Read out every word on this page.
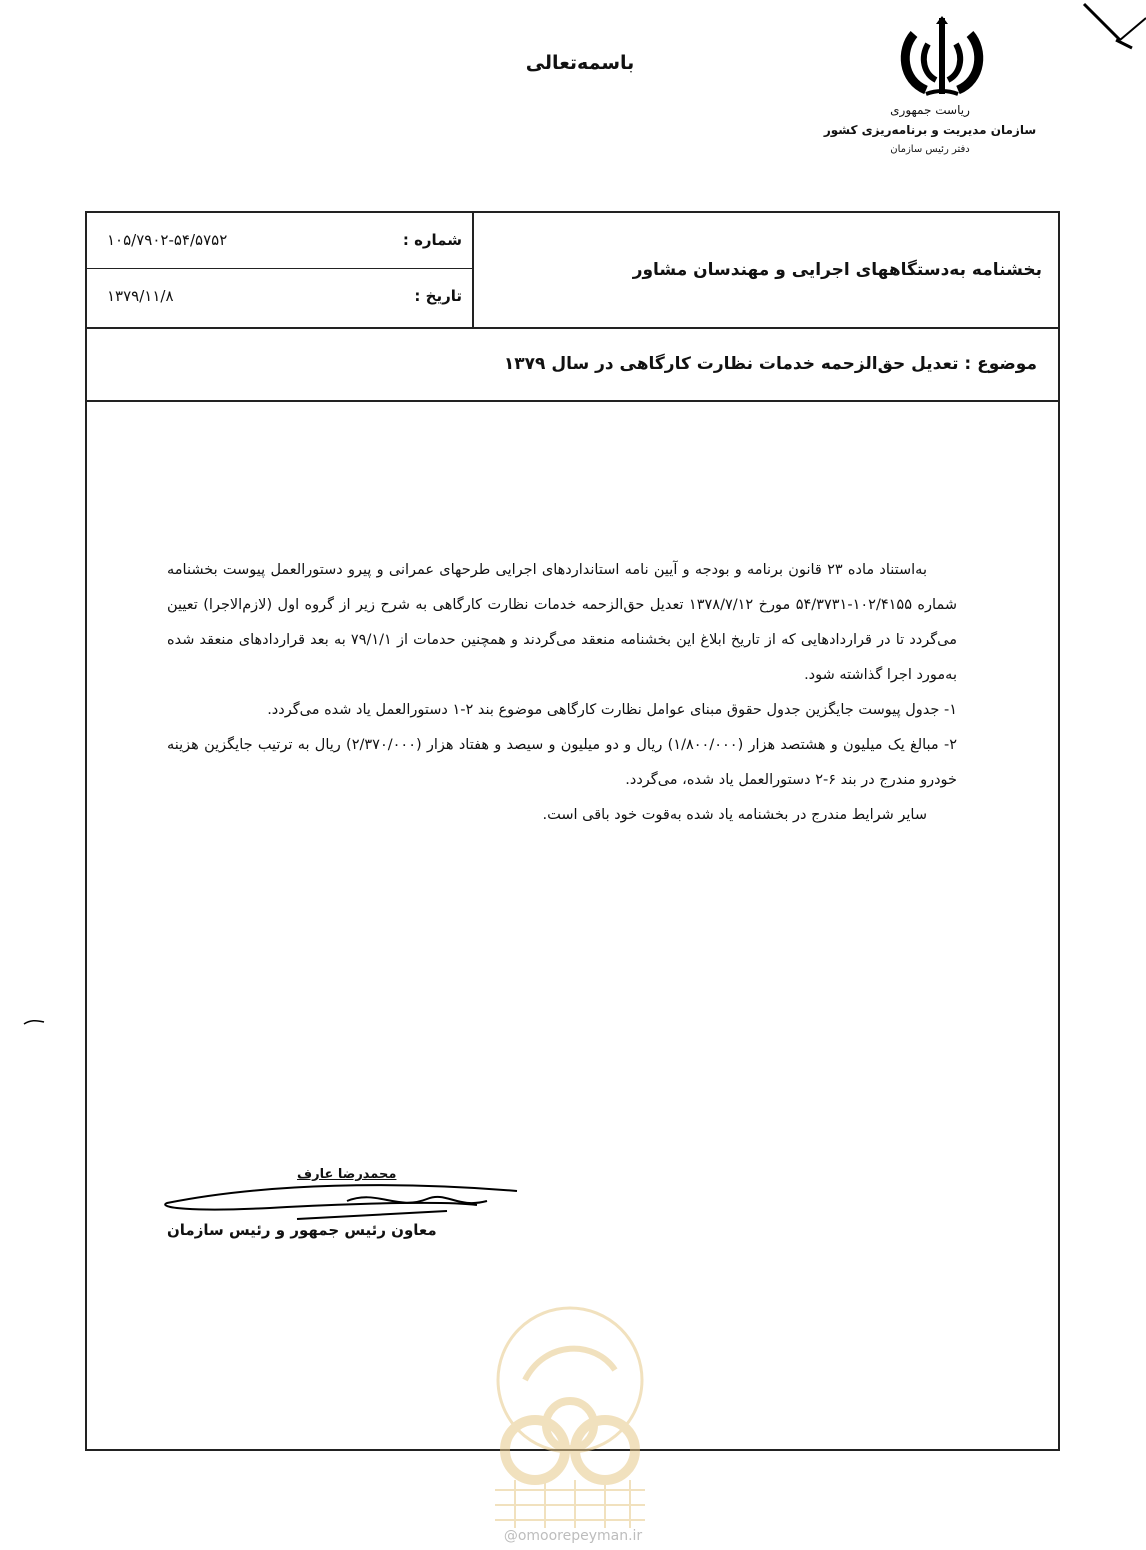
باسمه‌تعالی
ریاست جمهوری
سازمان مدیریت و برنامه‌ریزی کشور
دفتر رئیس سازمان
بخشنامه به‌دستگاههای اجرایی و مهندسان مشاور
شماره :
۱۰۵/۷۹۰۲-۵۴/۵۷۵۲
تاریخ :
۱۳۷۹/۱۱/۸
موضوع : تعدیل حق‌الزحمه خدمات نظارت کارگاهی در سال ۱۳۷۹

به‌استناد ماده ۲۳ قانون برنامه و بودجه و آیین نامه استانداردهای اجرایی طرحهای عمرانی و پیرو دستورالعمل پیوست بخشنامه شماره ۱۰۲/۴۱۵۵-۵۴/۳۷۳۱ مورخ ۱۳۷۸/۷/۱۲ تعدیل حق‌الزحمه خدمات نظارت کارگاهی به شرح زیر از گروه اول (لازم‌الاجرا) تعیین می‌گردد تا در قراردادهایی که از تاریخ ابلاغ این بخشنامه منعقد می‌گردند و همچنین حدمات از ۷۹/۱/۱ به بعد قراردادهای منعقد شده به‌مورد اجرا گذاشته شود.

۱- جدول پیوست جایگزین جدول حقوق مبنای عوامل نظارت کارگاهی موضوع بند ۲-۱ دستورالعمل یاد شده می‌گردد.

۲- مبالغ یک میلیون و هشتصد هزار (۱/۸۰۰/۰۰۰) ریال و دو میلیون و سیصد و هفتاد هزار (۲/۳۷۰/۰۰۰) ریال به ترتیب جایگزین هزینه خودرو مندرج در بند ۶-۲ دستورالعمل یاد شده، می‌گردد.

سایر شرایط مندرج در بخشنامه یاد شده به‌قوت خود باقی است.

محمدرضا عارف
معاون رئیس جمهور و رئیس سازمان
@omoorepeyman.ir
